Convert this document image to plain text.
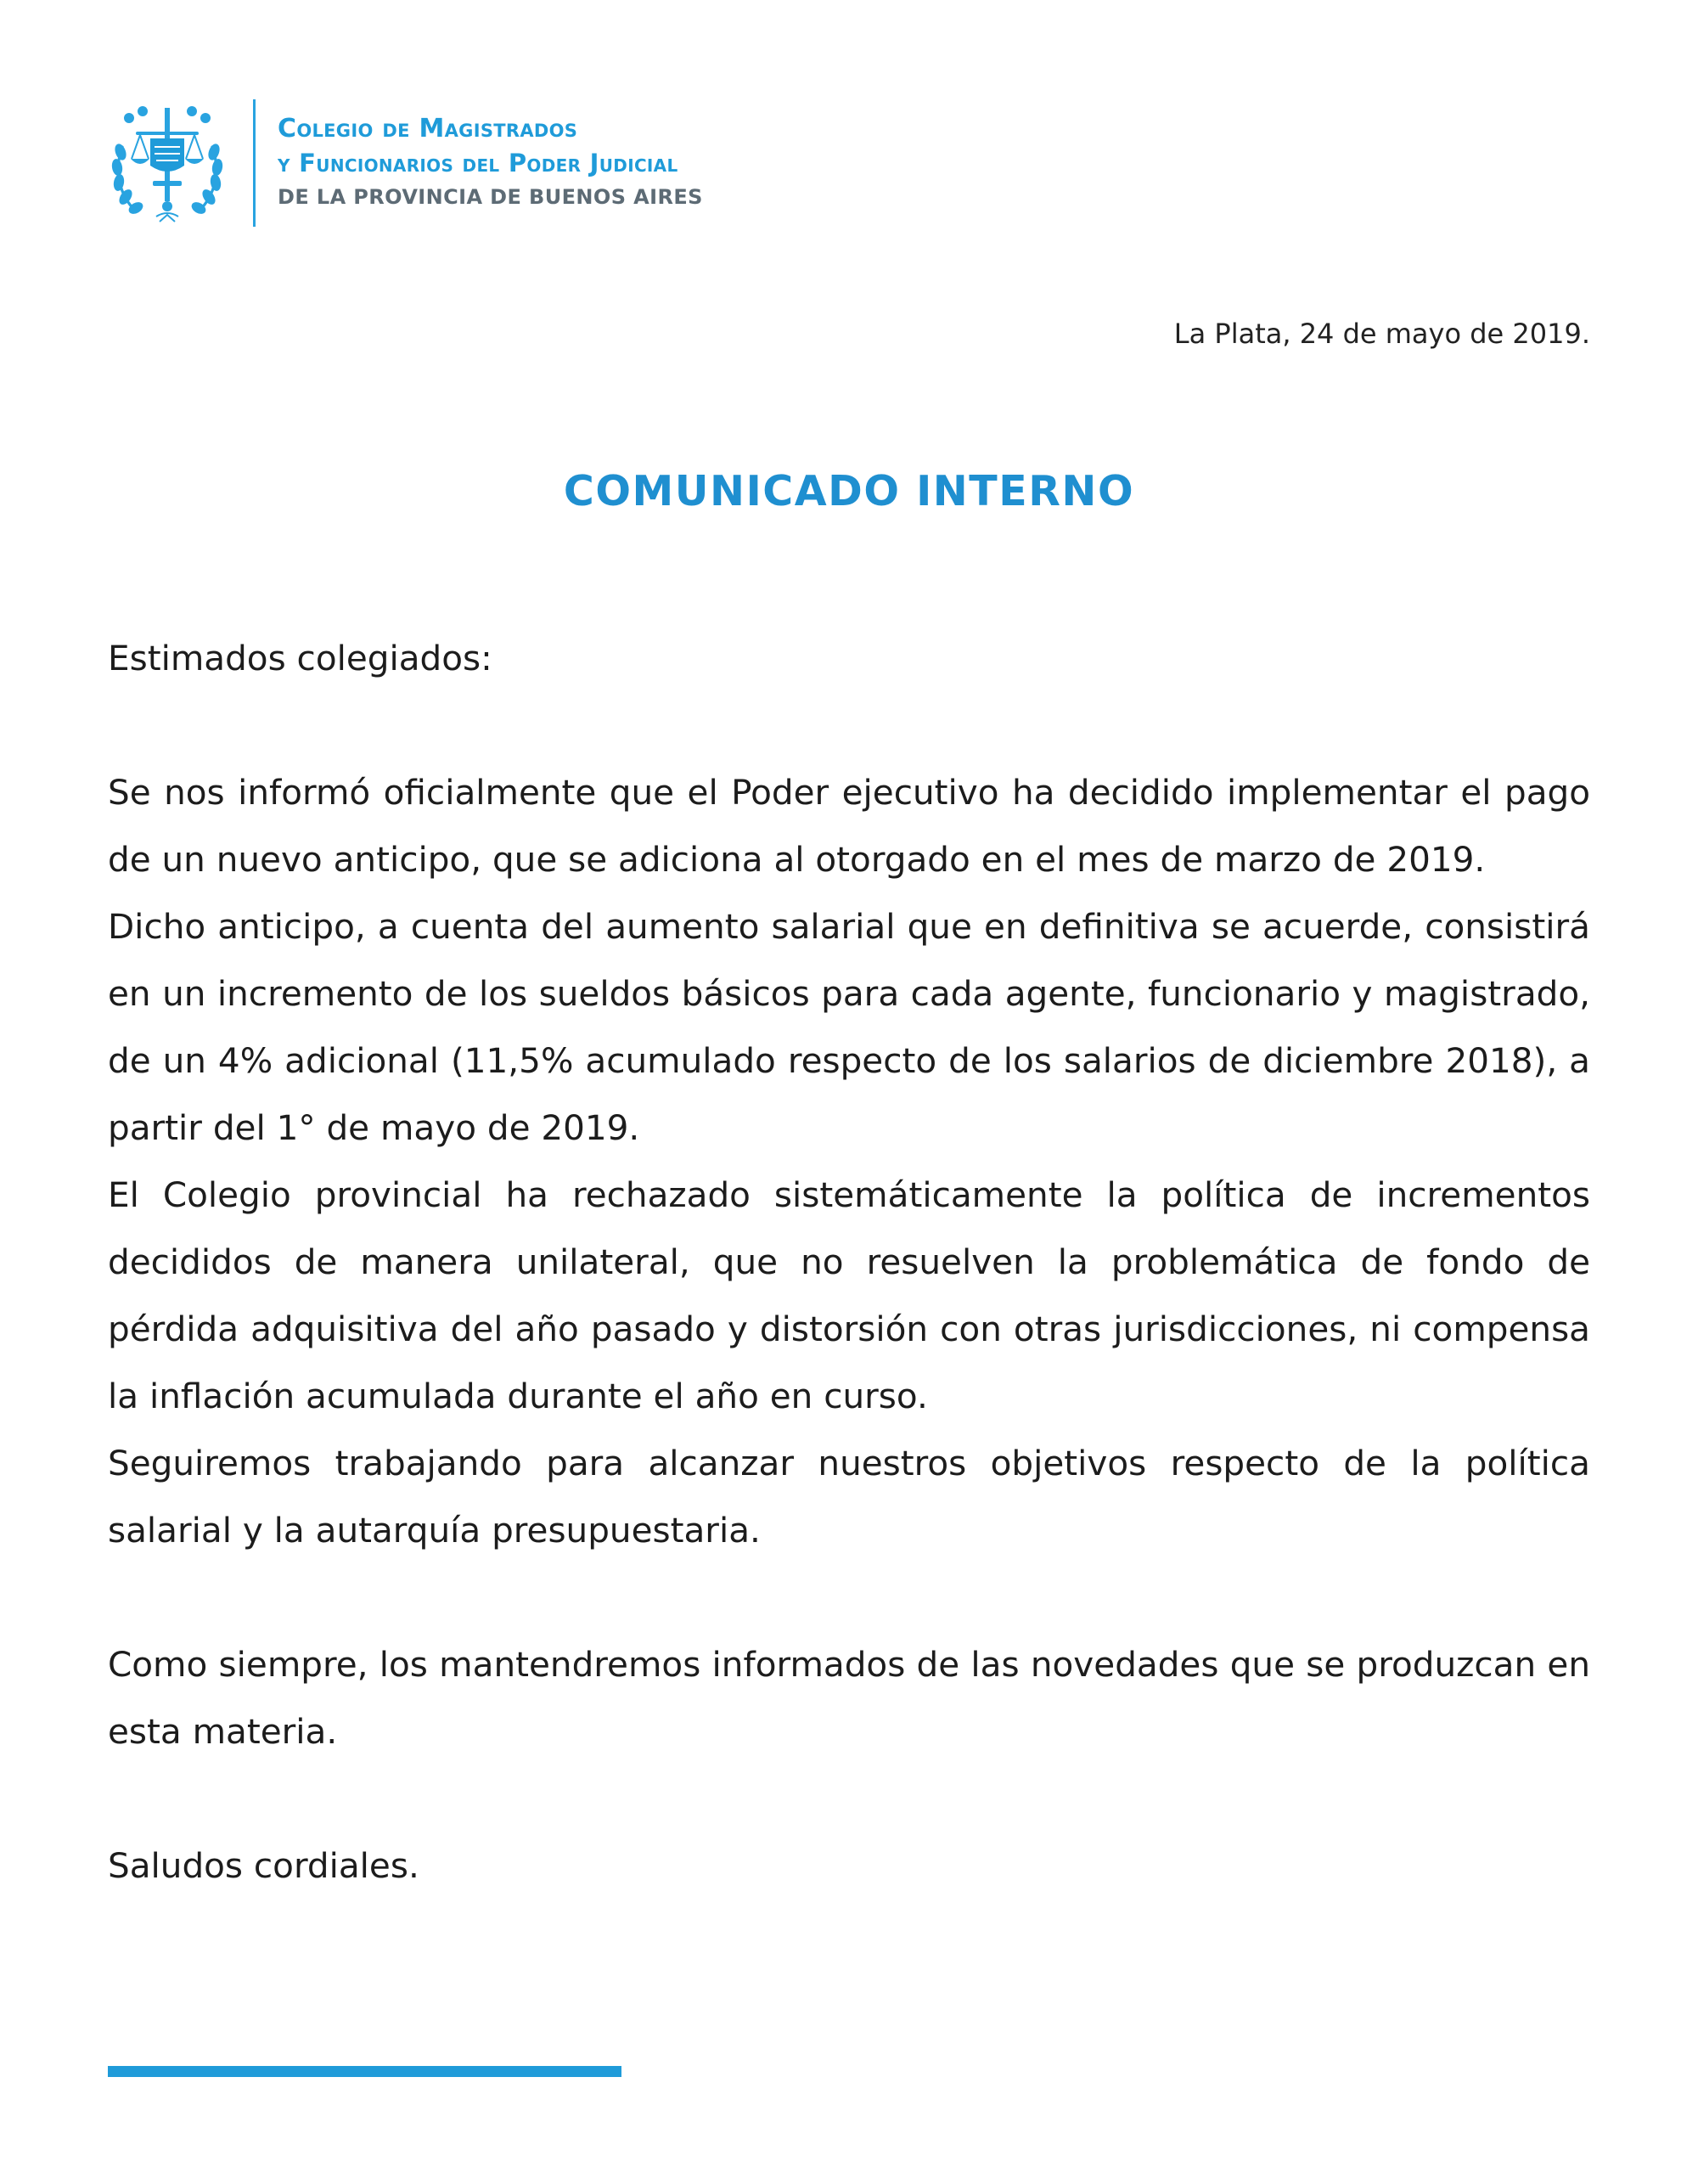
Colegio de Magistrados
y Funcionarios del Poder Judicial
DE LA PROVINCIA DE BUENOS AIRES
La Plata, 24 de mayo de 2019.
COMUNICADO INTERNO

Estimados colegiados:

Se nos informó oficialmente que el Poder ejecutivo ha decidido implementar el pago de un nuevo anticipo, que se adiciona al otorgado en el mes de marzo de 2019.

Dicho anticipo, a cuenta del aumento salarial que en definitiva se acuerde, consistirá en un incremento de los sueldos básicos para cada agente, funcionario y magistrado, de un 4% adicional (11,5% acumulado respecto de los salarios de diciembre 2018), a partir del 1° de mayo de 2019.

El Colegio provincial ha rechazado sistemáticamente la política de incrementos decididos de manera unilateral, que no resuelven la problemática de fondo de pérdida adquisitiva del año pasado y distorsión con otras jurisdicciones, ni compensa la inflación acumulada durante el año en curso.

Seguiremos trabajando para alcanzar nuestros objetivos respecto de la política salarial y la autarquía presupuestaria.

Como siempre, los mantendremos informados de las novedades que se produzcan en esta materia.

Saludos cordiales.
